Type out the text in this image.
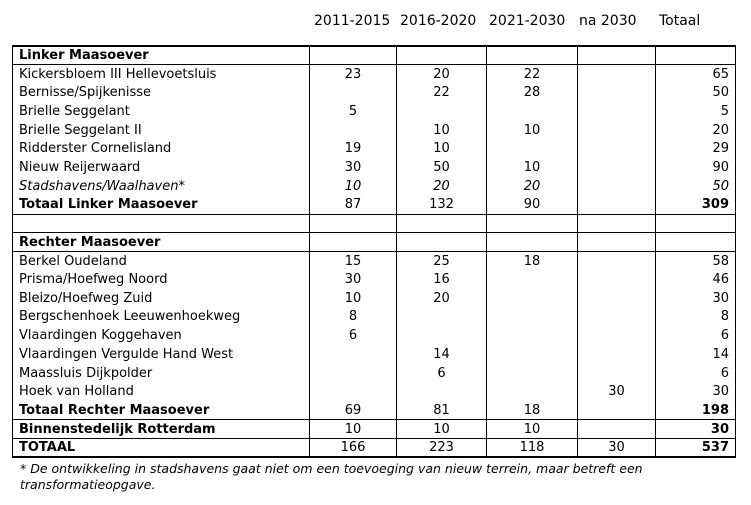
2011-2015 2016-2020 2021-2030 na 2030 Totaal
Linker Maasoever					
Kickersbloem III Hellevoetsluis	23	20	22		65
Bernisse/Spijkenisse		22	28		50
Brielle Seggelant	5				5
Brielle Seggelant II		10	10		20
Ridderster Cornelisland	19	10			29
Nieuw Reijerwaard	30	50	10		90
Stadshavens/Waalhaven*	10	20	20		50
Totaal Linker Maasoever	87	132	90		309

Rechter Maasoever					
Berkel Oudeland	15	25	18		58
Prisma/Hoefweg Noord	30	16			46
Bleizo/Hoefweg Zuid	10	20			30
Bergschenhoek Leeuwenhoekweg	8				8
Vlaardingen Koggehaven	6				6
Vlaardingen Vergulde Hand West		14			14
Maassluis Dijkpolder		6			6
Hoek van Holland				30	30
Totaal Rechter Maasoever	69	81	18		198
Binnenstedelijk Rotterdam	10	10	10		30
TOTAAL	166	223	118	30	537
* De ontwikkeling in stadshavens gaat niet om een toevoeging van nieuw terrein, maar betreft een transformatieopgave.
